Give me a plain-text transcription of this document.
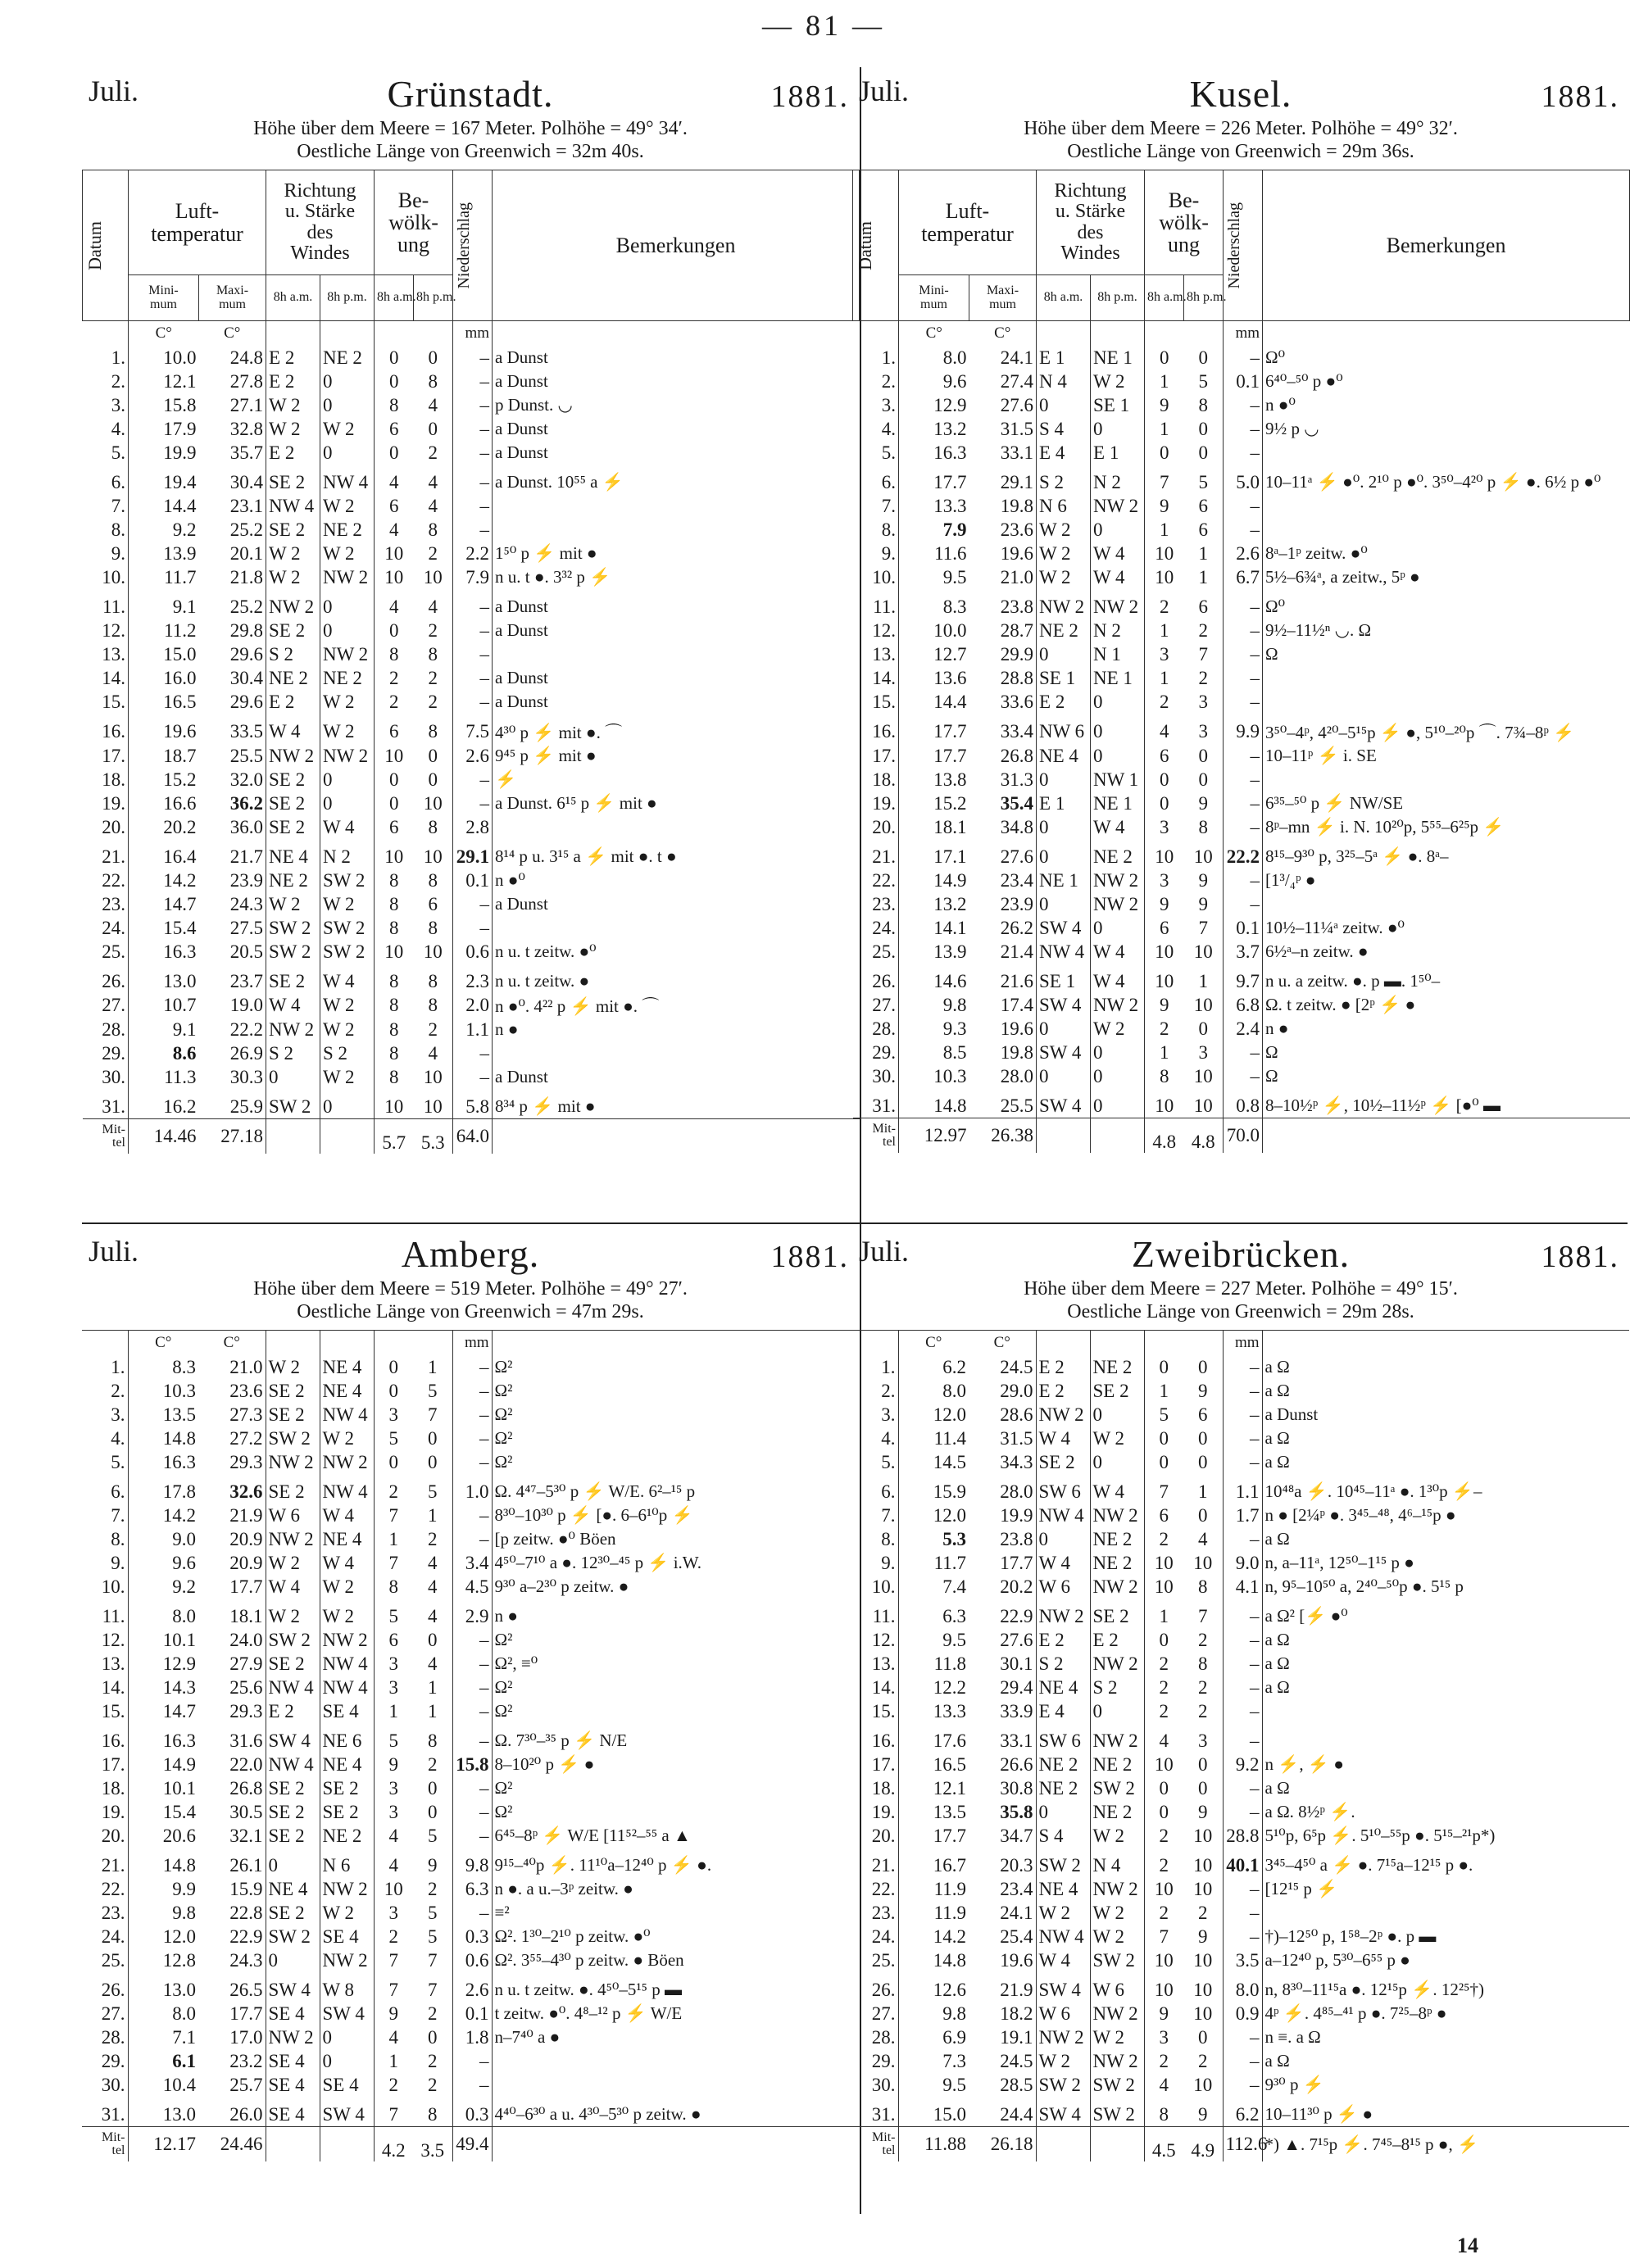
— 81 —
Juli.	Grünstadt.	1881.
Höhe über dem Meere = 167 Meter. Polhöhe = 49° 34′.
Oestliche Länge von Greenwich = 32m 40s.
Datum	Luft-
temperatur		Richtung
u. Stärke
des
Windes		Be-
wölk-
ung		Niederschlag	Bemerkungen
	Mini-
mum	Maxi-
mum	8h a.m.	8h p.m.	8h a.m.	8h p.m.		
	C°	C°					mm	
1.	10.0	24.8	E 2	NE 2	0	0	–	a Dunst
2.	12.1	27.8	E 2	0	0	8	–	a Dunst
3.	15.8	27.1	W 2	0	8	4	–	p Dunst. ◡
4.	17.9	32.8	W 2	W 2	6	0	–	a Dunst
5.	19.9	35.7	E 2	0	0	2	–	a Dunst
6.	19.4	30.4	SE 2	NW 4	4	4	–	a Dunst. 10⁵⁵ a ⚡
7.	14.4	23.1	NW 4	W 2	6	4	–	
8.	9.2	25.2	SE 2	NE 2	4	8	–	
9.	13.9	20.1	W 2	W 2	10	2	2.2	1⁵⁰ p ⚡ mit ●
10.	11.7	21.8	W 2	NW 2	10	10	7.9	n u. t ●. 3³² p ⚡
11.	9.1	25.2	NW 2	0	4	4	–	a Dunst
12.	11.2	29.8	SE 2	0	0	2	–	a Dunst
13.	15.0	29.6	S 2	NW 2	8	8	–	
14.	16.0	30.4	NE 2	NE 2	2	2	–	a Dunst
15.	16.5	29.6	E 2	W 2	2	2	–	a Dunst
16.	19.6	33.5	W 4	W 2	6	8	7.5	4³⁰ p ⚡ mit ●. ⌒
17.	18.7	25.5	NW 2	NW 2	10	0	2.6	9⁴⁵ p ⚡ mit ●
18.	15.2	32.0	SE 2	0	0	0	–	⚡
19.	16.6	36.2	SE 2	0	0	10	–	a Dunst. 6¹⁵ p ⚡ mit ●
20.	20.2	36.0	SE 2	W 4	6	8	2.8	
21.	16.4	21.7	NE 4	N 2	10	10	29.1	8¹⁴ p u. 3¹⁵ a ⚡ mit ●. t ●
22.	14.2	23.9	NE 2	SW 2	8	8	0.1	n ●⁰
23.	14.7	24.3	W 2	W 2	8	6	–	a Dunst
24.	15.4	27.5	SW 2	SW 2	8	8	–	
25.	16.3	20.5	SW 2	SW 2	10	10	0.6	n u. t zeitw. ●⁰
26.	13.0	23.7	SE 2	W 4	8	8	2.3	n u. t zeitw. ●
27.	10.7	19.0	W 4	W 2	8	8	2.0	n ●⁰. 4²² p ⚡ mit ●. ⌒
28.	9.1	22.2	NW 2	W 2	8	2	1.1	n ●
29.	8.6	26.9	S 2	S 2	8	4	–	
30.	11.3	30.3	0	W 2	8	10	–	a Dunst
31.	16.2	25.9	SW 2	0	10	10	5.8	8³⁴ p ⚡ mit ●
Mit-
tel	14.46	27.18			5.7	5.3	64.0	
Juli.	Kusel.	1881.
Höhe über dem Meere = 226 Meter. Polhöhe = 49° 32′.
Oestliche Länge von Greenwich = 29m 36s.
Datum	Luft-
temperatur		Richtung
u. Stärke
des
Windes		Be-
wölk-
ung		Niederschlag	Bemerkungen
	Mini-
mum	Maxi-
mum	8h a.m.	8h p.m.	8h a.m.	8h p.m.		
	C°	C°					mm	
1.	8.0	24.1	E 1	NE 1	0	0	–	Ω⁰
2.	9.6	27.4	N 4	W 2	1	5	0.1	6⁴⁰–⁵⁰ p ●⁰
3.	12.9	27.6	0	SE 1	9	8	–	n ●⁰
4.	13.2	31.5	S 4	0	1	0	–	9½ p ◡
5.	16.3	33.1	E 4	E 1	0	0	–	
6.	17.7	29.1	S 2	N 2	7	5	5.0	10–11ᵃ ⚡ ●⁰. 2¹⁰ p ●⁰. 3⁵⁰–4²⁰ p ⚡ ●. 6½ p ●⁰
7.	13.3	19.8	N 6	NW 2	9	6	–	
8.	7.9	23.6	W 2	0	1	6	–	
9.	11.6	19.6	W 2	W 4	10	1	2.6	8ᵃ–1ᵖ zeitw. ●⁰
10.	9.5	21.0	W 2	W 4	10	1	6.7	5½–6¾ᵃ, a zeitw., 5ᵖ ●
11.	8.3	23.8	NW 2	NW 2	2	6	–	Ω⁰
12.	10.0	28.7	NE 2	N 2	1	2	–	9½–11½ⁿ ◡. Ω
13.	12.7	29.9	0	N 1	3	7	–	Ω
14.	13.6	28.8	SE 1	NE 1	1	2	–	
15.	14.4	33.6	E 2	0	2	3	–	
16.	17.7	33.4	NW 6	0	4	3	9.9	3⁵⁰–4ᵖ, 4²⁰–5¹⁵p ⚡ ●, 5¹⁰–²⁰p ⌒. 7¾–8ᵖ ⚡
17.	17.7	26.8	NE 4	0	6	0	–	10–11ᵖ ⚡ i. SE
18.	13.8	31.3	0	NW 1	0	0	–	
19.	15.2	35.4	E 1	NE 1	0	9	–	6³⁵–⁵⁰ p ⚡ NW/SE
20.	18.1	34.8	0	W 4	3	8	–	8ᵖ–mn ⚡ i. N. 10²⁰p, 5⁵⁵–6²⁵p ⚡
21.	17.1	27.6	0	NE 2	10	10	22.2	8¹⁵–9³⁰ p, 3²⁵–5ᵃ ⚡ ●. 8ᵃ–
22.	14.9	23.4	NE 1	NW 2	3	9	–	[1³/₄ᵖ ●
23.	13.2	23.9	0	NW 2	9	9	–	
24.	14.1	26.2	SW 4	0	6	7	0.1	10½–11¼ᵃ zeitw. ●⁰
25.	13.9	21.4	NW 4	W 4	10	10	3.7	6½ᵃ–n zeitw. ●
26.	14.6	21.6	SE 1	W 4	10	1	9.7	n u. a zeitw. ●. p ▬. 1⁵⁰–
27.	9.8	17.4	SW 4	NW 2	9	10	6.8	Ω. t zeitw. ● [2ᵖ ⚡ ●
28.	9.3	19.6	0	W 2	2	0	2.4	n ●
29.	8.5	19.8	SW 4	0	1	3	–	Ω
30.	10.3	28.0	0	0	8	10	–	Ω
31.	14.8	25.5	SW 4	0	10	10	0.8	8–10½ᵖ ⚡, 10½–11½ᵖ ⚡ [●⁰ ▬
Mit-
tel	12.97	26.38			4.8	4.8	70.0	
Juli.	Amberg.	1881.
Höhe über dem Meere = 519 Meter. Polhöhe = 49° 27′.
Oestliche Länge von Greenwich = 47m 29s.
	C°	C°					mm	
1.	8.3	21.0	W 2	NE 4	0	1	–	Ω²
2.	10.3	23.6	SE 2	NE 4	0	5	–	Ω²
3.	13.5	27.3	SE 2	NW 4	3	7	–	Ω²
4.	14.8	27.2	SW 2	W 2	5	0	–	Ω²
5.	16.3	29.3	NW 2	NW 2	0	0	–	Ω²
6.	17.8	32.6	SE 2	NW 4	2	5	1.0	Ω. 4⁴⁷–5³⁰ p ⚡ W/E. 6²–¹⁵ p
7.	14.2	21.9	W 6	W 4	7	1	–	8³⁰–10³⁰ p ⚡ [●. 6–6¹⁰p ⚡
8.	9.0	20.9	NW 2	NE 4	1	2	–	[p zeitw. ●⁰ Böen
9.	9.6	20.9	W 2	W 4	7	4	3.4	4⁵⁰–7¹⁰ a ●. 12³⁰–⁴⁵ p ⚡ i.W.
10.	9.2	17.7	W 4	W 2	8	4	4.5	9³⁰ a–2³⁰ p zeitw. ●
11.	8.0	18.1	W 2	W 2	5	4	2.9	n ●
12.	10.1	24.0	SW 2	NW 2	6	0	–	Ω²
13.	12.9	27.9	SE 2	NW 4	3	4	–	Ω², ≡⁰
14.	14.3	25.6	NW 4	NW 4	3	1	–	Ω²
15.	14.7	29.3	E 2	SE 4	1	1	–	Ω²
16.	16.3	31.6	SW 4	NE 6	5	8	–	Ω. 7³⁰–³⁵ p ⚡ N/E
17.	14.9	22.0	NW 4	NE 4	9	2	15.8	8–10²⁰ p ⚡ ●
18.	10.1	26.8	SE 2	SE 2	3	0	–	Ω²
19.	15.4	30.5	SE 2	SE 2	3	0	–	Ω²
20.	20.6	32.1	SE 2	NE 2	4	5	–	6⁴⁵–8ᵖ ⚡ W/E [11⁵²–⁵⁵ a ▲
21.	14.8	26.1	0	N 6	4	9	9.8	9¹⁵–⁴⁰p ⚡. 11¹⁰a–12⁴⁰ p ⚡ ●.
22.	9.9	15.9	NE 4	NW 2	10	2	6.3	n ●. a u.–3ᵖ zeitw. ●
23.	9.8	22.8	SE 2	W 2	3	5	–	≡²
24.	12.0	22.9	SW 2	SE 4	2	5	0.3	Ω². 1³⁰–2¹⁰ p zeitw. ●⁰
25.	12.8	24.3	0	NW 2	7	7	0.6	Ω². 3⁵⁵–4³⁰ p zeitw. ● Böen
26.	13.0	26.5	SW 4	W 8	7	7	2.6	n u. t zeitw. ●. 4⁵⁰–5¹⁵ p ▬
27.	8.0	17.7	SE 4	SW 4	9	2	0.1	t zeitw. ●⁰. 4⁸–¹² p ⚡ W/E
28.	7.1	17.0	NW 2	0	4	0	1.8	n–7⁴⁰ a ●
29.	6.1	23.2	SE 4	0	1	2	–	
30.	10.4	25.7	SE 4	SE 4	2	2	–	
31.	13.0	26.0	SE 4	SW 4	7	8	0.3	4⁴⁰–6³⁰ a u. 4³⁰–5³⁰ p zeitw. ●
Mit-
tel	12.17	24.46			4.2	3.5	49.4	
Juli.	Zweibrücken.	1881.
Höhe über dem Meere = 227 Meter. Polhöhe = 49° 15′.
Oestliche Länge von Greenwich = 29m 28s.
	C°	C°					mm	
1.	6.2	24.5	E 2	NE 2	0	0	–	a Ω
2.	8.0	29.0	E 2	SE 2	1	9	–	a Ω
3.	12.0	28.6	NW 2	0	5	6	–	a Dunst
4.	11.4	31.5	W 4	W 2	0	0	–	a Ω
5.	14.5	34.3	SE 2	0	0	0	–	a Ω
6.	15.9	28.0	SW 6	W 4	7	1	1.1	10⁴⁸a ⚡. 10⁴⁵–11ᵃ ●. 1³⁰p ⚡–
7.	12.0	19.9	NW 4	NW 2	6	0	1.7	n ● [2¼ᵖ ●. 3⁴⁵–⁴⁸, 4⁶–¹⁵p ●
8.	5.3	23.8	0	NE 2	2	4	–	a Ω
9.	11.7	17.7	W 4	NE 2	10	10	9.0	n, a–11ᵃ, 12⁵⁰–1¹⁵ p ●
10.	7.4	20.2	W 6	NW 2	10	8	4.1	n, 9⁵–10⁵⁰ a, 2⁴⁰–⁵⁰p ●. 5¹⁵ p
11.	6.3	22.9	NW 2	SE 2	1	7	–	a Ω² [⚡ ●⁰
12.	9.5	27.6	E 2	E 2	0	2	–	a Ω
13.	11.8	30.1	S 2	NW 2	2	8	–	a Ω
14.	12.2	29.4	NE 4	S 2	2	2	–	a Ω
15.	13.3	33.9	E 4	0	2	2	–	
16.	17.6	33.1	SW 6	NW 2	4	3	–	
17.	16.5	26.6	NE 2	NE 2	10	0	9.2	n ⚡, ⚡ ●
18.	12.1	30.8	NE 2	SW 2	0	0	–	a Ω
19.	13.5	35.8	0	NE 2	0	9	–	a Ω. 8½ᵖ ⚡.
20.	17.7	34.7	S 4	W 2	2	10	28.8	5¹⁰p, 6⁵p ⚡. 5¹⁰–⁵⁵p ●. 5¹⁵–²¹p*)
21.	16.7	20.3	SW 2	N 4	2	10	40.1	3⁴⁵–4⁵⁰ a ⚡ ●. 7¹⁵a–12¹⁵ p ●.
22.	11.9	23.4	NE 4	NW 2	10	10	–	[12¹⁵ p ⚡
23.	11.9	24.1	W 2	W 2	2	2	–	
24.	14.2	25.4	NW 4	W 2	7	9	–	†)–12⁵⁰ p, 1⁵⁸–2ᵖ ●. p ▬
25.	14.8	19.6	W 4	SW 2	10	10	3.5	a–12⁴⁰ p, 5³⁰–6⁵⁵ p ●
26.	12.6	21.9	SW 4	W 6	10	10	8.0	n, 8³⁰–11¹⁵a ●. 12¹⁵p ⚡. 12²⁵†)
27.	9.8	18.2	W 6	NW 2	9	10	0.9	4ᵖ ⚡. 4⁸⁵–⁴¹ p ●. 7²⁵–8ᵖ ●
28.	6.9	19.1	NW 2	W 2	3	0	–	n ≡. a Ω
29.	7.3	24.5	W 2	NW 2	2	2	–	a Ω
30.	9.5	28.5	SW 2	SW 2	4	10	–	9³⁰ p ⚡
31.	15.0	24.4	SW 4	SW 2	8	9	6.2	10–11³⁰ p ⚡ ●
Mit-
tel	11.88	26.18			4.5	4.9	112.6	*) ▲. 7¹⁵p ⚡. 7⁴⁵–8¹⁵ p ●, ⚡
14
